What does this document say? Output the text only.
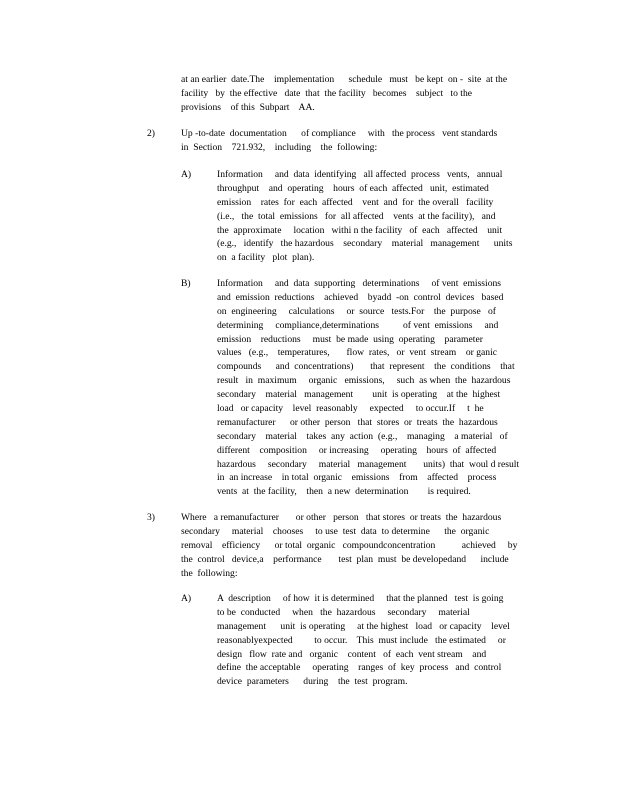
at an earlier  date.The    implementation      schedule   must   be kept  on -  site  at the
facility   by  the effective   date  that  the facility   becomes    subject   to the
provisions    of this  Subpart    AA.
2)	Up -to-date  documentation      of compliance     with   the process   vent standards
in  Section    721.932,    including    the  following:
A)	Information     and  data  identifying   all affected  process   vents,   annual
throughput    and  operating    hours  of each  affected   unit,  estimated
emission    rates  for  each  affected    vent  and  for  the overall   facility
(i.e.,   the  total  emissions   for  all affected    vents  at the facility),   and
the  approximate     location   withi n the facility   of  each   affected    unit
(e.g.,   identify   the hazardous    secondary    material   management      units
on  a facility   plot  plan).
B)	Information     and  data  supporting   determinations     of vent  emissions
and  emission  reductions    achieved    byadd  -on  control  devices   based
on  engineering     calculations     or  source   tests.For    the  purpose   of
determining     compliance,determinations          of vent  emissions     and
emission    reductions     must  be made  using  operating    parameter
values   (e.g.,    temperatures,       flow  rates,   or  vent  stream    or ganic
compounds      and  concentrations)       that  represent    the  conditions    that
result   in  maximum     organic   emissions,     such  as when  the  hazardous
secondary    material   management        unit  is operating    at the  highest
load   or capacity    level  reasonably     expected     to occur.If     t  he
remanufacturer      or other  person   that  stores  or  treats  the  hazardous
secondary    material    takes  any  action  (e.g.,    managing    a material   of
different    composition     or increasing     operating    hours  of  affected
hazardous     secondary     material   management       units)  that  woul d result
in  an increase    in total  organic    emissions    from    affected    process
vents  at  the facility,    then  a new  determination        is required.
3)	Where   a remanufacturer       or other   person   that stores  or treats  the  hazardous
secondary     material    chooses     to use  test  data  to determine      the  organic
removal    efficiency      or total  organic   compoundconcentration           achieved     by
the  control   device,a    performance       test  plan  must  be developedand      include
the  following:
A)	A  description     of how  it is determined     that the planned   test  is going
to be  conducted     when   the  hazardous     secondary     material
management      unit  is operating     at the highest   load   or capacity    level
reasonablyexpected         to occur.    This  must include   the estimated     or
design   flow  rate and   organic    content   of  each  vent stream    and
define  the acceptable     operating    ranges  of  key  process   and  control
device  parameters      during    the  test  program.
